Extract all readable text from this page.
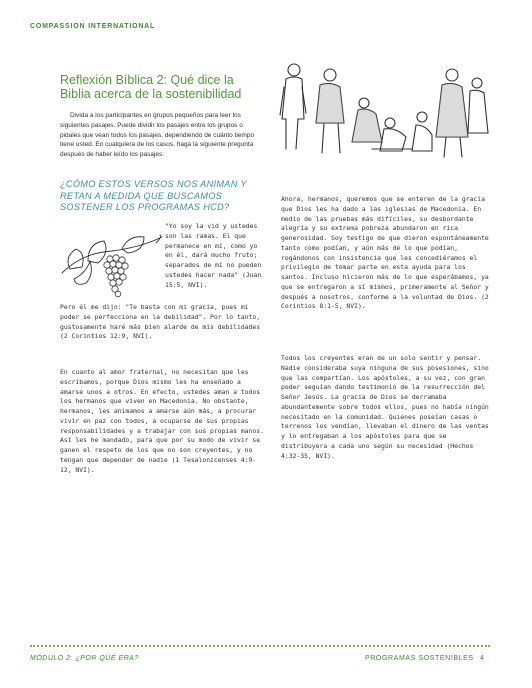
COMPASSION INTERNATIONAL
Reflexión Bíblica 2: Qué dice la Biblia acerca de la sostenibilidad

Divida a los participantes en grupos pequeños para leer los siguientes pasajes. Puede dividir los pasajes entre los grupos o pidales que vean todos los pasajes, dependiendo de cuánto tiempo tiene usted. En cualquiera de los casos, haga la siguiente pregunta después de haber leído los pasajes:

¿CÓMO ESTOS VERSOS NOS ANIMAN Y RETAN A MEDIDA QUE BUSCAMOS SOSTENER LOS PROGRAMAS HCD?

"Yo soy la vid y ustedes son las ramas. El que permanece en mí, como yo en él, dará mucho fruto; separados de mí no pueden ustedes hacer nada" (Juan 15:5, NVI).

Pero él me dijo: "Te basta con mi gracia, pues mi poder se perfecciona en la debilidad". Por lo tanto, gustosamente haré más bien alarde de mis debilidades (2 Corintios 12:9, NVI).

En cuanto al amor fraternal, no necesitan que les escribamos, porque Dios mismo les ha enseñado a amarse unos a otros. En efecto, ustedes aman a todos los hermanos que viven en Macedonia. No obstante, hermanos, les animamos a amarse aún más, a procurar vivir en paz con todos, a ocuparse de sus propias responsabilidades y a trabajar con sus propias manos. Así les he mandado, para que por su modo de vivir se ganen el respeto de los que no son creyentes, y no tengan que depender de nadie (1 Tesalonicenses 4:9-12, NVI).

Ahora, hermanos, queremos que se enteren de la gracia que Dios les ha dado a las iglesias de Macedonia. En medio de las pruebas más difíciles, su desbordante alegría y su extrema pobreza abundaron en rica generosidad. Soy testigo de que dieron espontáneamente tanto como podían, y aún más de lo que podían, rogándonos con insistencia que les concediéramos el privilegio de tomar parte en esta ayuda para los santos. Incluso hicieron más de lo que esperábamos, ya que se entregaron a sí mismos, primeramente al Señor y después a nosotros, conforme a la voluntad de Dios. (2 Corintios 8:1-5, NVI).

Todos los creyentes eran de un solo sentir y pensar. Nadie consideraba suya ninguna de sus posesiones, sino que las compartían. Los apóstoles, a su vez, con gran poder seguían dando testimonio de la resurrección del Señor Jesús. La gracia de Dios se derramaba abundantemente sobre todos ellos, pues no había ningún necesitado en la comunidad. Quienes poseían casas o terrenos los vendían, llevaban el dinero de las ventas y lo entregaban a los apóstoles para que se distribuyera a cada uno según su necesidad (Hechos 4:32-35, NVI).

MÓDULO 2: ¿POR QUÉ ERA?	PROGRAMAS SOSTENIBLES 4
